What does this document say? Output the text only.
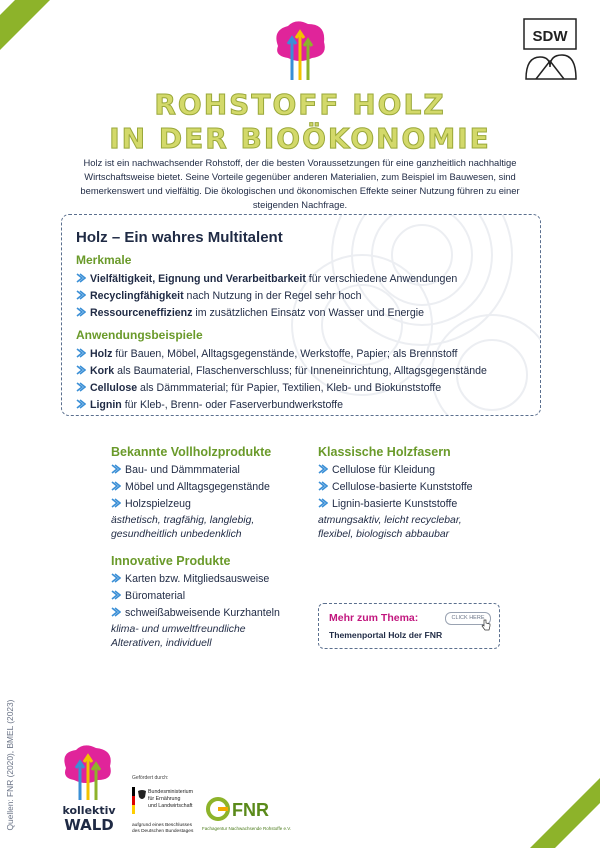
SDW
ROHSTOFF HOLZ
IN DER BIOÖKONOMIE
Holz ist ein nachwachsender Rohstoff, der die besten Voraussetzungen für eine ganzheitlich nachhaltige Wirtschaftsweise bietet. Seine Vorteile gegenüber anderen Materialien, zum Beispiel im Bauwesen, sind bemerkenswert und vielfältig. Die ökologischen und ökonomischen Effekte seiner Nutzung führen zu einer steigenden Nachfrage.
Holz – Ein wahres Multitalent
Merkmale
Vielfältigkeit, Eignung und Verarbeitbarkeit für verschiedene Anwendungen
Recyclingfähigkeit nach Nutzung in der Regel sehr hoch
Ressourceneffizienz im zusätzlichen Einsatz von Wasser und Energie
Anwendungsbeispiele
Holz für Bauen, Möbel, Alltagsgegenstände, Werkstoffe, Papier; als Brennstoff
Kork als Baumaterial, Flaschenverschluss; für Inneneinrichtung, Alltagsgegenstände
Cellulose als Dämmmaterial; für Papier, Textilien, Kleb- und Biokunststoffe
Lignin für Kleb-, Brenn- oder Faserverbundwerkstoffe
Bekannte Vollholzprodukte
Bau- und Dämmmaterial
Möbel und Alltagsgegenstände
Holzspielzeug
ästhetisch, tragfähig, langlebig,
gesundheitlich unbedenklich
Klassische Holzfasern
Cellulose für Kleidung
Cellulose-basierte Kunststoffe
Lignin-basierte Kunststoffe
atmungsaktiv, leicht recyclebar,
flexibel, biologisch abbaubar
Innovative Produkte
Karten bzw. Mitgliedsausweise
Büromaterial
schweißabweisende Kurzhanteln
klima- und umweltfreundliche
Alterativen, individuell
Mehr zum Thema:
Themenportal Holz der FNR
CLICK HERE
Quellen: FNR (2020), BMEL (2023)	kollektiv
WALD
Gefördert durch:
Bundesministerium
für Ernährung
und Landwirtschaft
aufgrund eines Beschlusses
des Deutschen Bundestages
FNR
Fachagentur Nachwachsende Rohstoffe e.V.
